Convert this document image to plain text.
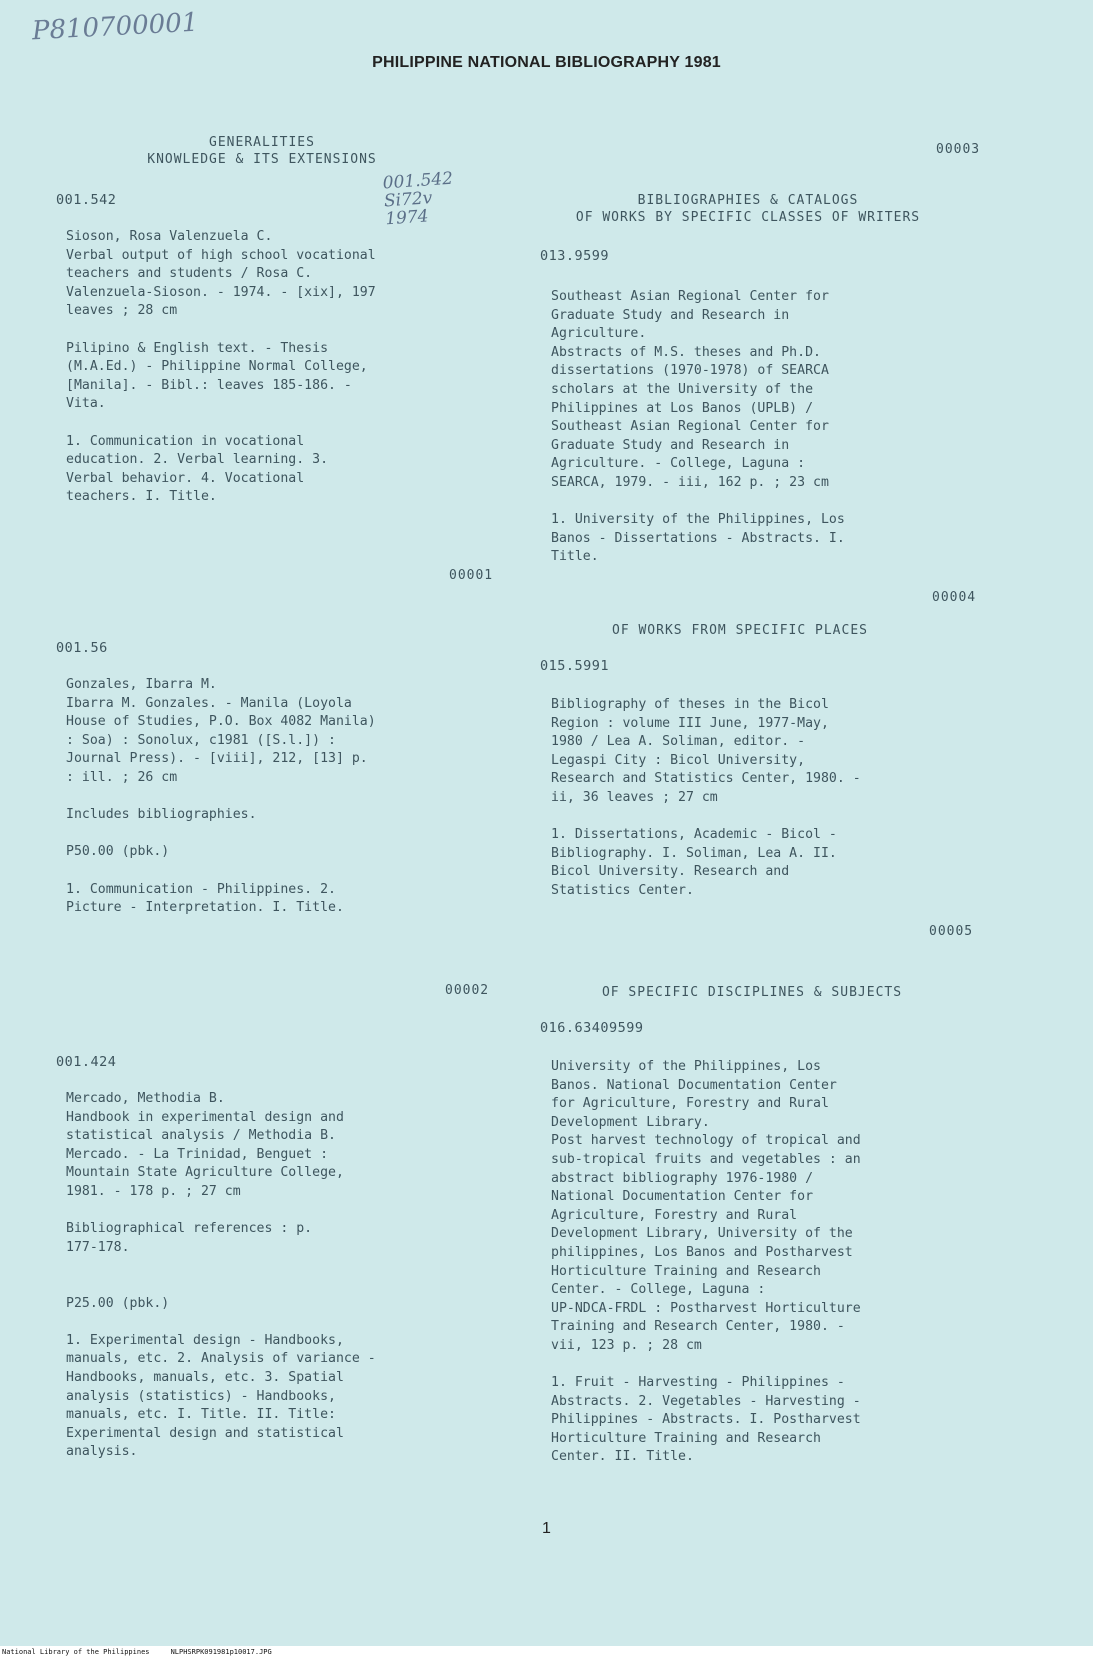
P810700001
PHILIPPINE NATIONAL BIBLIOGRAPHY 1981
GENERALITIES
KNOWLEDGE & ITS EXTENSIONS
001.542
001.542
Si72v
1974
Sioson, Rosa Valenzuela C.
Verbal output of high school vocational
teachers and students / Rosa C.
Valenzuela-Sioson. - 1974. - [xix], 197
leaves ; 28 cm

Pilipino & English text. - Thesis
(M.A.Ed.) - Philippine Normal College,
[Manila]. - Bibl.: leaves 185-186. -
Vita.

1. Communication in vocational
education. 2. Verbal learning. 3.
Verbal behavior. 4. Vocational
teachers. I. Title.
00001
001.56
Gonzales, Ibarra M.
Ibarra M. Gonzales. - Manila (Loyola
House of Studies, P.O. Box 4082 Manila)
: Soa) : Sonolux, c1981 ([S.l.]) :
Journal Press). - [viii], 212, [13] p.
: ill. ; 26 cm

Includes bibliographies.

P50.00 (pbk.)

1. Communication - Philippines. 2.
Picture - Interpretation. I. Title.
00002
001.424
Mercado, Methodia B.
Handbook in experimental design and
statistical analysis / Methodia B.
Mercado. - La Trinidad, Benguet :
Mountain State Agriculture College,
1981. - 178 p. ; 27 cm

Bibliographical references : p.
177-178.

P25.00 (pbk.)

1. Experimental design - Handbooks,
manuals, etc. 2. Analysis of variance -
Handbooks, manuals, etc. 3. Spatial
analysis (statistics) - Handbooks,
manuals, etc. I. Title. II. Title:
Experimental design and statistical
analysis.
00003
BIBLIOGRAPHIES & CATALOGS
OF WORKS BY SPECIFIC CLASSES OF WRITERS
013.9599
Southeast Asian Regional Center for
Graduate Study and Research in
Agriculture.
Abstracts of M.S. theses and Ph.D.
dissertations (1970-1978) of SEARCA
scholars at the University of the
Philippines at Los Banos (UPLB) /
Southeast Asian Regional Center for
Graduate Study and Research in
Agriculture. - College, Laguna :
SEARCA, 1979. - iii, 162 p. ; 23 cm

1. University of the Philippines, Los
Banos - Dissertations - Abstracts. I.
Title.
00004
OF WORKS FROM SPECIFIC PLACES
015.5991
Bibliography of theses in the Bicol
Region : volume III June, 1977-May,
1980 / Lea A. Soliman, editor. -
Legaspi City : Bicol University,
Research and Statistics Center, 1980. -
ii, 36 leaves ; 27 cm

1. Dissertations, Academic - Bicol -
Bibliography. I. Soliman, Lea A. II.
Bicol University. Research and
Statistics Center.
00005
OF SPECIFIC DISCIPLINES & SUBJECTS
016.63409599
University of the Philippines, Los
Banos. National Documentation Center
for Agriculture, Forestry and Rural
Development Library.
Post harvest technology of tropical and
sub-tropical fruits and vegetables : an
abstract bibliography 1976-1980 /
National Documentation Center for
Agriculture, Forestry and Rural
Development Library, University of the
philippines, Los Banos and Postharvest
Horticulture Training and Research
Center. - College, Laguna :
UP-NDCA-FRDL : Postharvest Horticulture
Training and Research Center, 1980. -
vii, 123 p. ; 28 cm

1. Fruit - Harvesting - Philippines -
Abstracts. 2. Vegetables - Harvesting -
Philippines - Abstracts. I. Postharvest
Horticulture Training and Research
Center. II. Title.
1
National Library of the Philippines     NLPHSRPK091981p10017.JPG
